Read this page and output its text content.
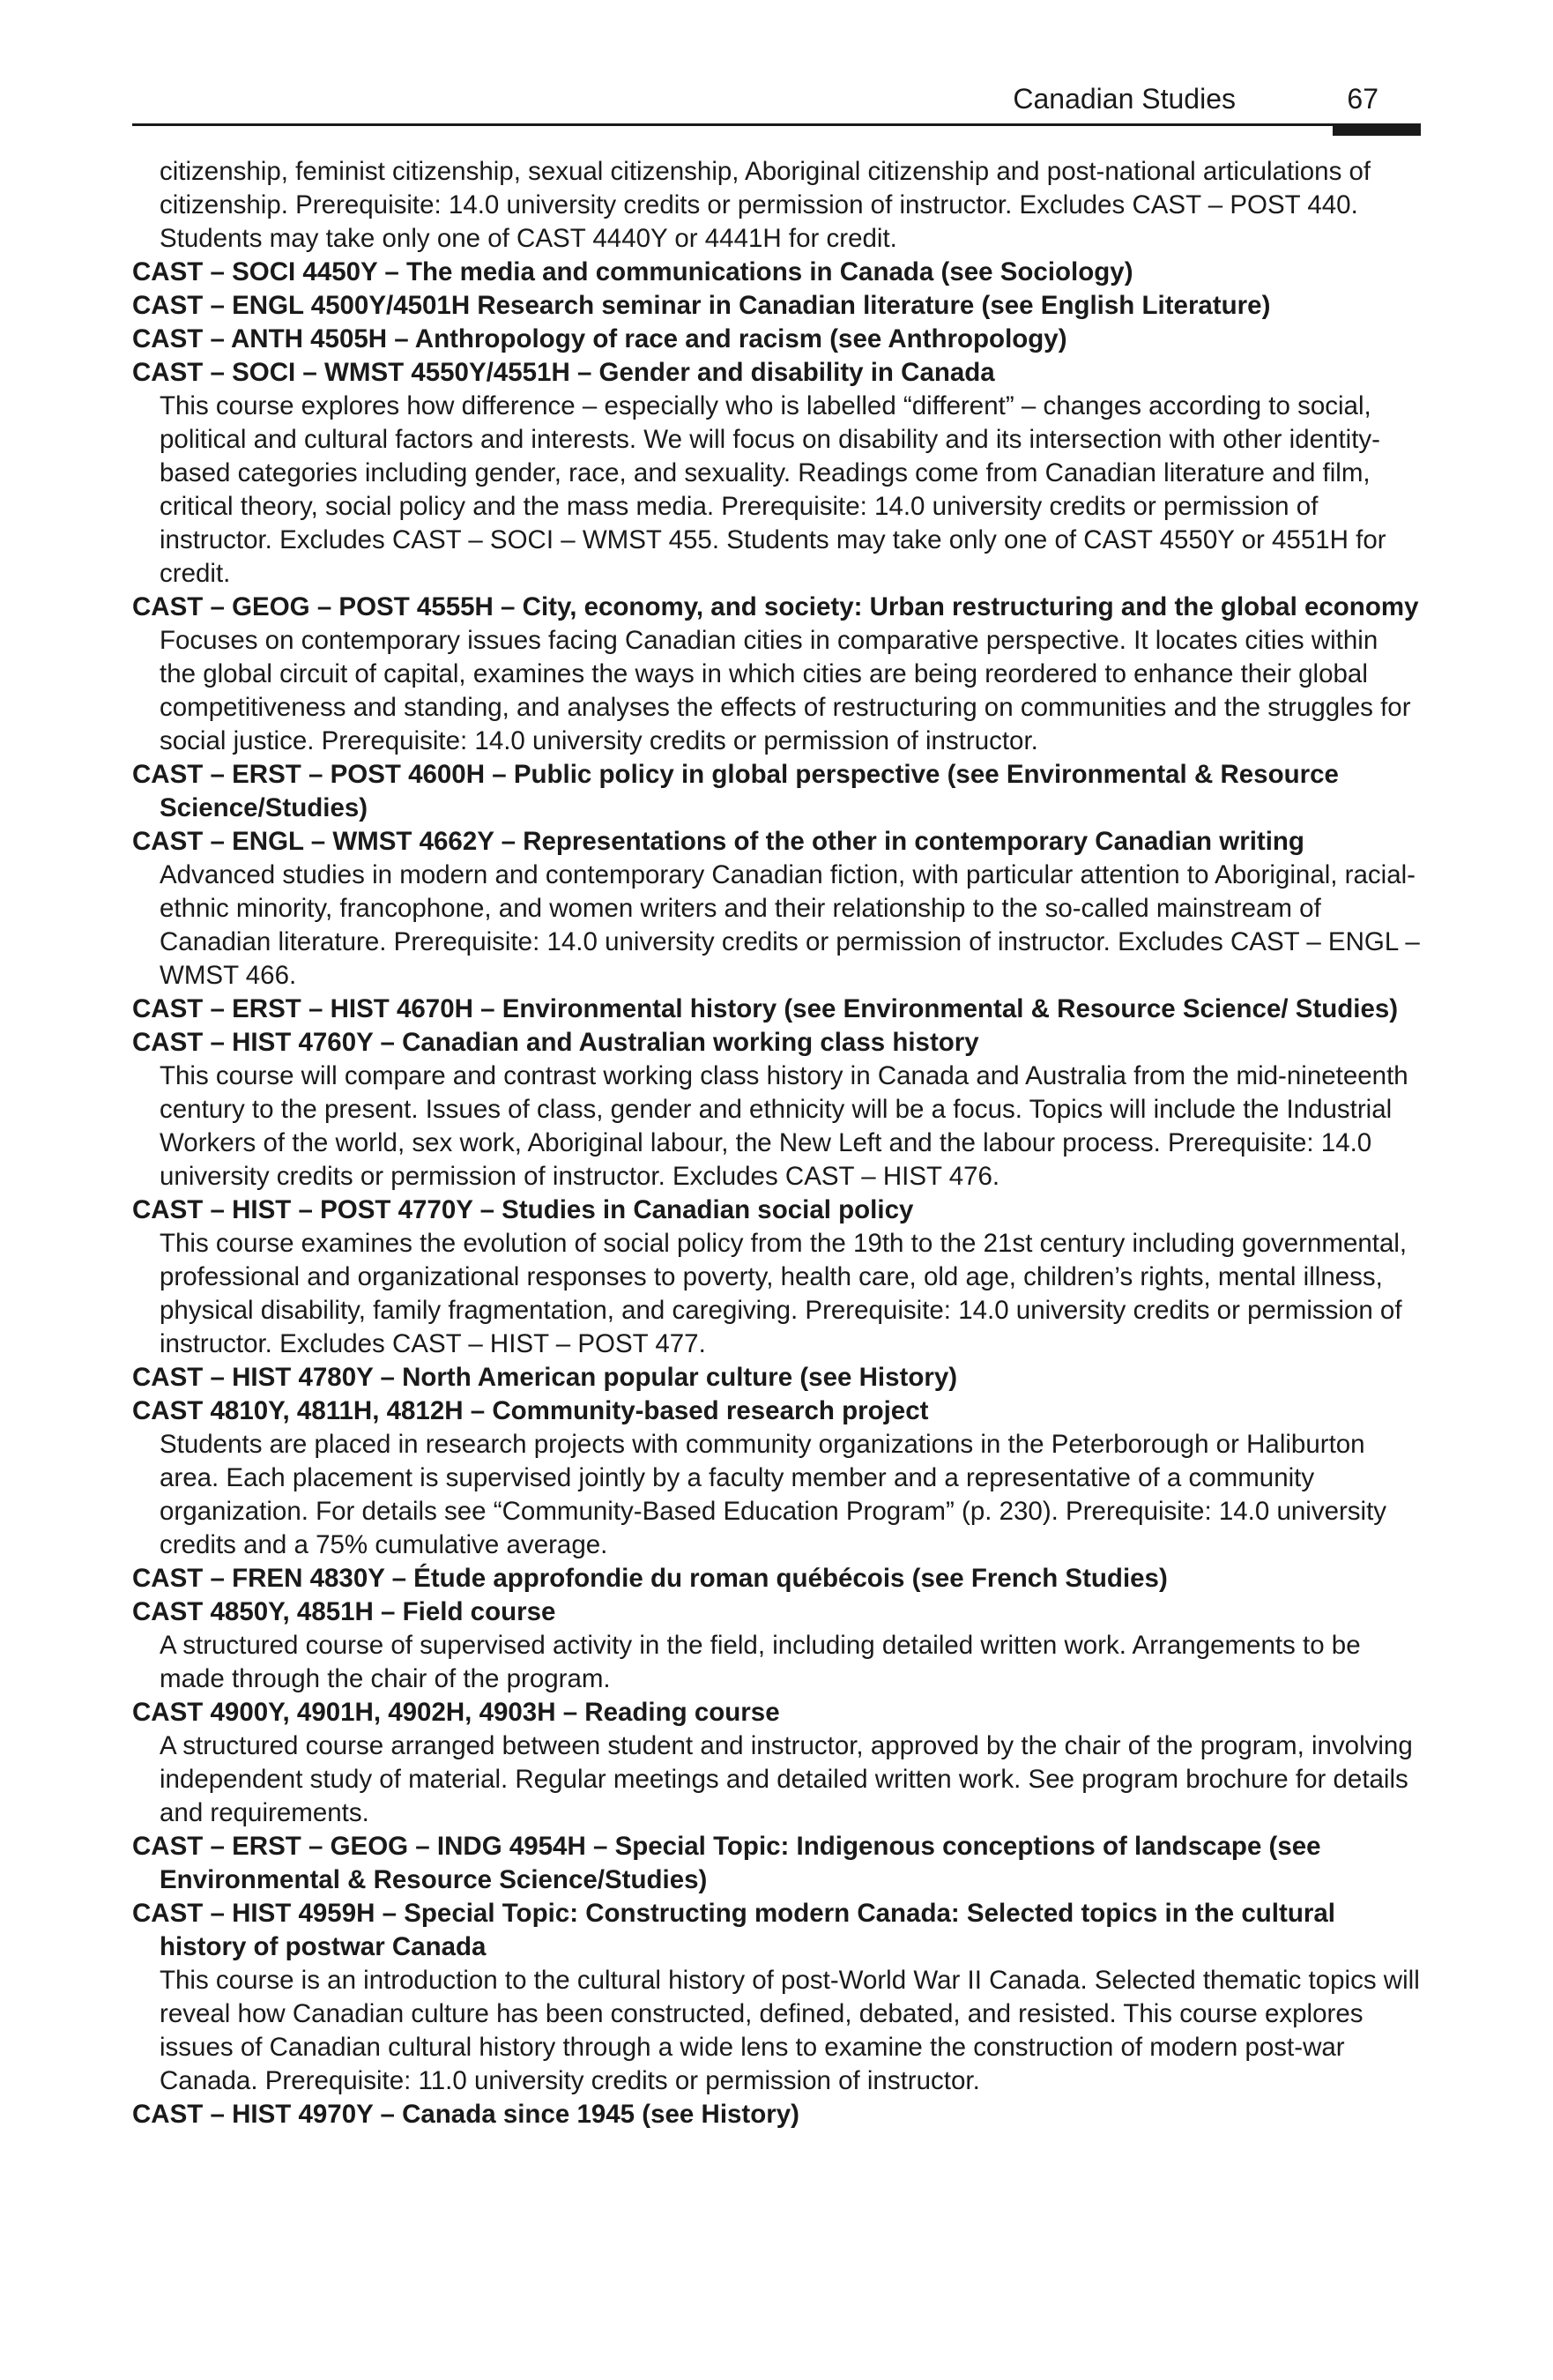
Canadian Studies	67

citizenship, feminist citizenship, sexual citizenship, Aboriginal citizenship and post-national articulations of citizenship. Prerequisite: 14.0 university credits or permission of instructor. Excludes CAST – POST 440. Students may take only one of CAST 4440Y or 4441H for credit.

CAST – SOCI 4450Y – The media and communications in Canada (see Sociology)

CAST – ENGL 4500Y/4501H Research seminar in Canadian literature (see English Literature)

CAST – ANTH 4505H – Anthropology of race and racism (see Anthropology)

CAST – SOCI – WMST 4550Y/4551H – Gender and disability in Canada

This course explores how difference – especially who is labelled “different” – changes according to social, political and cultural factors and interests. We will focus on disability and its intersection with other identity-based categories including gender, race, and sexuality. Readings come from Canadian literature and film, critical theory, social policy and the mass media. Prerequisite: 14.0 university credits or permission of instructor. Excludes CAST – SOCI – WMST 455. Students may take only one of CAST 4550Y or 4551H for credit.

CAST – GEOG – POST 4555H – City, economy, and society: Urban restructuring and the global economy

Focuses on contemporary issues facing Canadian cities in comparative perspective. It locates cities within the global circuit of capital, examines the ways in which cities are being reordered to enhance their global competitiveness and standing, and analyses the effects of restructuring on communities and the struggles for social justice. Prerequisite: 14.0 university credits or permission of instructor.

CAST – ERST – POST 4600H – Public policy in global perspective (see Environmental & Resource Science/Studies)

CAST – ENGL – WMST 4662Y – Representations of the other in contemporary Canadian writing

Advanced studies in modern and contemporary Canadian fiction, with particular attention to Aboriginal, racial-ethnic minority, francophone, and women writers and their relationship to the so-called mainstream of Canadian literature. Prerequisite: 14.0 university credits or permission of instructor. Excludes CAST – ENGL – WMST 466.

CAST – ERST – HIST 4670H – Environmental history (see Environmental & Resource Science/ Studies)

CAST – HIST 4760Y – Canadian and Australian working class history

This course will compare and contrast working class history in Canada and Australia from the mid-nineteenth century to the present. Issues of class, gender and ethnicity will be a focus. Topics will include the Industrial Workers of the world, sex work, Aboriginal labour, the New Left and the labour process. Prerequisite: 14.0 university credits or permission of instructor. Excludes CAST – HIST 476.

CAST – HIST – POST 4770Y – Studies in Canadian social policy

This course examines the evolution of social policy from the 19th to the 21st century including governmental, professional and organizational responses to poverty, health care, old age, children’s rights, mental illness, physical disability, family fragmentation, and caregiving. Prerequisite: 14.0 university credits or permission of instructor. Excludes CAST – HIST – POST 477.

CAST – HIST 4780Y – North American popular culture (see History)

CAST 4810Y, 4811H, 4812H – Community-based research project

Students are placed in research projects with community organizations in the Peterborough or Haliburton area. Each placement is supervised jointly by a faculty member and a representative of a community organization. For details see “Community-Based Education Program” (p. 230). Prerequisite: 14.0 university credits and a 75% cumulative average.

CAST – FREN 4830Y – Étude approfondie du roman québécois (see French Studies)

CAST 4850Y, 4851H – Field course

A structured course of supervised activity in the field, including detailed written work. Arrangements to be made through the chair of the program.

CAST 4900Y, 4901H, 4902H, 4903H – Reading course

A structured course arranged between student and instructor, approved by the chair of the program, involving independent study of material. Regular meetings and detailed written work. See program brochure for details and requirements.

CAST – ERST – GEOG – INDG 4954H – Special Topic: Indigenous conceptions of landscape (see Environmental & Resource Science/Studies)

CAST – HIST 4959H – Special Topic: Constructing modern Canada: Selected topics in the cultural history of postwar Canada

This course is an introduction to the cultural history of post-World War II Canada. Selected thematic topics will reveal how Canadian culture has been constructed, defined, debated, and resisted. This course explores issues of Canadian cultural history through a wide lens to examine the construction of modern post-war Canada. Prerequisite: 11.0 university credits or permission of instructor.

CAST – HIST 4970Y – Canada since 1945 (see History)
